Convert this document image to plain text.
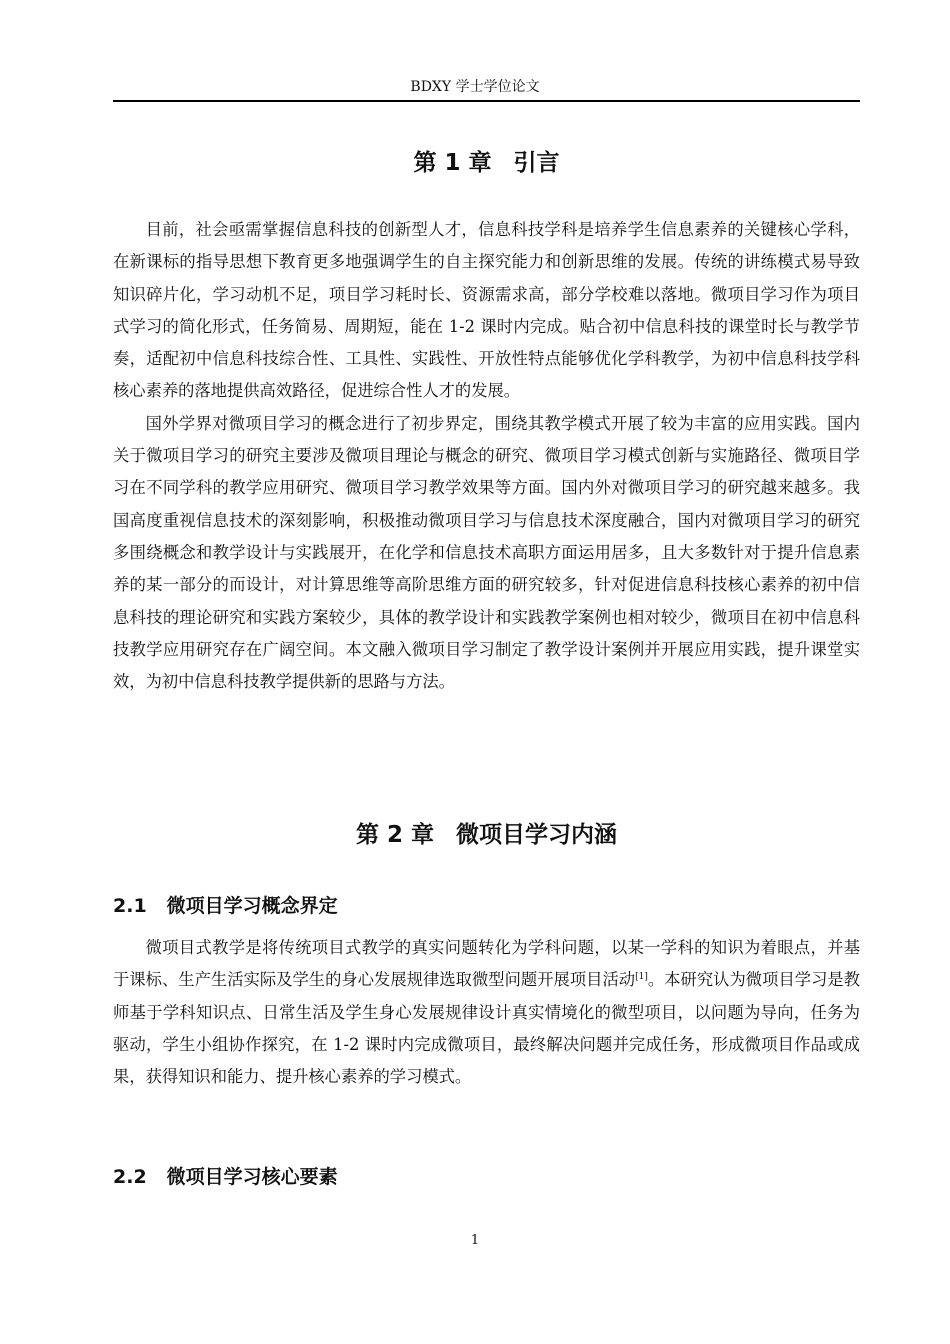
BDXY 学士学位论文
第 1 章 引言

目前，社会亟需掌握信息科技的创新型人才，信息科技学科是培养学生信息素养的关键核心学科，在新课标的指导思想下教育更多地强调学生的自主探究能力和创新思维的发展。传统的讲练模式易导致知识碎片化，学习动机不足，项目学习耗时长、资源需求高，部分学校难以落地。微项目学习作为项目式学习的简化形式，任务简易、周期短，能在 1-2 课时内完成。贴合初中信息科技的课堂时长与教学节奏，适配初中信息科技综合性、工具性、实践性、开放性特点能够优化学科教学，为初中信息科技学科核心素养的落地提供高效路径，促进综合性人才的发展。

国外学界对微项目学习的概念进行了初步界定，围绕其教学模式开展了较为丰富的应用实践。国内关于微项目学习的研究主要涉及微项目理论与概念的研究、微项目学习模式创新与实施路径、微项目学习在不同学科的教学应用研究、微项目学习教学效果等方面。国内外对微项目学习的研究越来越多。我国高度重视信息技术的深刻影响，积极推动微项目学习与信息技术深度融合，国内对微项目学习的研究多围绕概念和教学设计与实践展开，在化学和信息技术高职方面运用居多，且大多数针对于提升信息素养的某一部分的而设计，对计算思维等高阶思维方面的研究较多，针对促进信息科技核心素养的初中信息科技的理论研究和实践方案较少，具体的教学设计和实践教学案例也相对较少，微项目在初中信息科技教学应用研究存在广阔空间。本文融入微项目学习制定了教学设计案例并开展应用实践，提升课堂实效，为初中信息科技教学提供新的思路与方法。

第 2 章 微项目学习内涵
2.1 微项目学习概念界定

微项目式教学是将传统项目式教学的真实问题转化为学科问题，以某一学科的知识为着眼点，并基于课标、生产生活实际及学生的身心发展规律选取微型问题开展项目活动[1]。本研究认为微项目学习是教师基于学科知识点、日常生活及学生身心发展规律设计真实情境化的微型项目，以问题为导向，任务为驱动，学生小组协作探究，在 1-2 课时内完成微项目，最终解决问题并完成任务，形成微项目作品或成果，获得知识和能力、提升核心素养的学习模式。

2.2 微项目学习核心要素
1
